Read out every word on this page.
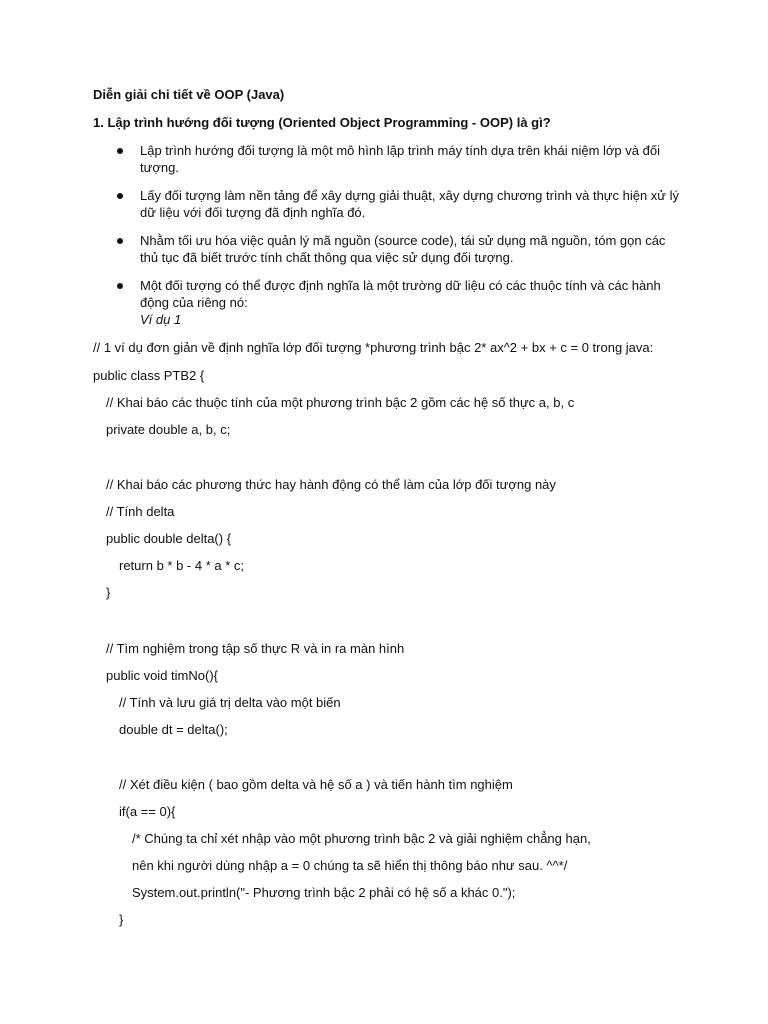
Diễn giải chi tiết về OOP (Java)
1. Lập trình hướng đối tượng (Oriented Object Programming - OOP) là gì?
Lập trình hướng đối tượng là một mô hình lập trình máy tính dựa trên khái niệm lớp và đối tượng.
Lấy đối tượng làm nền tảng để xây dựng giải thuật, xây dựng chương trình và thực hiện xử lý dữ liệu với đối tượng đã định nghĩa đó.
Nhằm tối ưu hóa việc quản lý mã nguồn (source code), tái sử dụng mã nguồn, tóm gọn các thủ tục đã biết trước tính chất thông qua việc sử dụng đối tượng.
Một đối tượng có thể được định nghĩa là một trường dữ liệu có các thuộc tính và các hành động của riêng nó:
Ví dụ 1
// 1 ví dụ đơn giản về định nghĩa lớp đối tượng *phương trình bậc 2* ax^2 + bx + c = 0 trong java:
public class PTB2 {
// Khai báo các thuộc tính của một phương trình bậc 2 gồm các hệ số thực a, b, c
private double a, b, c;
// Khai báo các phương thức hay hành động có thể làm của lớp đối tượng này
// Tính delta
public double delta() {
return b * b - 4 * a * c;
}
// Tìm nghiệm trong tập số thực R và in ra màn hình
public void timNo(){
// Tính và lưu giá trị delta vào một biến
double dt = delta();
// Xét điều kiện ( bao gồm delta và hệ số a ) và tiến hành tìm nghiệm
if(a == 0){
/* Chúng ta chỉ xét nhập vào một phương trình bậc 2 và giải nghiệm chẳng hạn,
nên khi người dùng nhập a = 0 chúng ta sẽ hiển thị thông báo như sau. ^^*/
System.out.println("- Phương trình bậc 2 phải có hệ số a khác 0.");
}
